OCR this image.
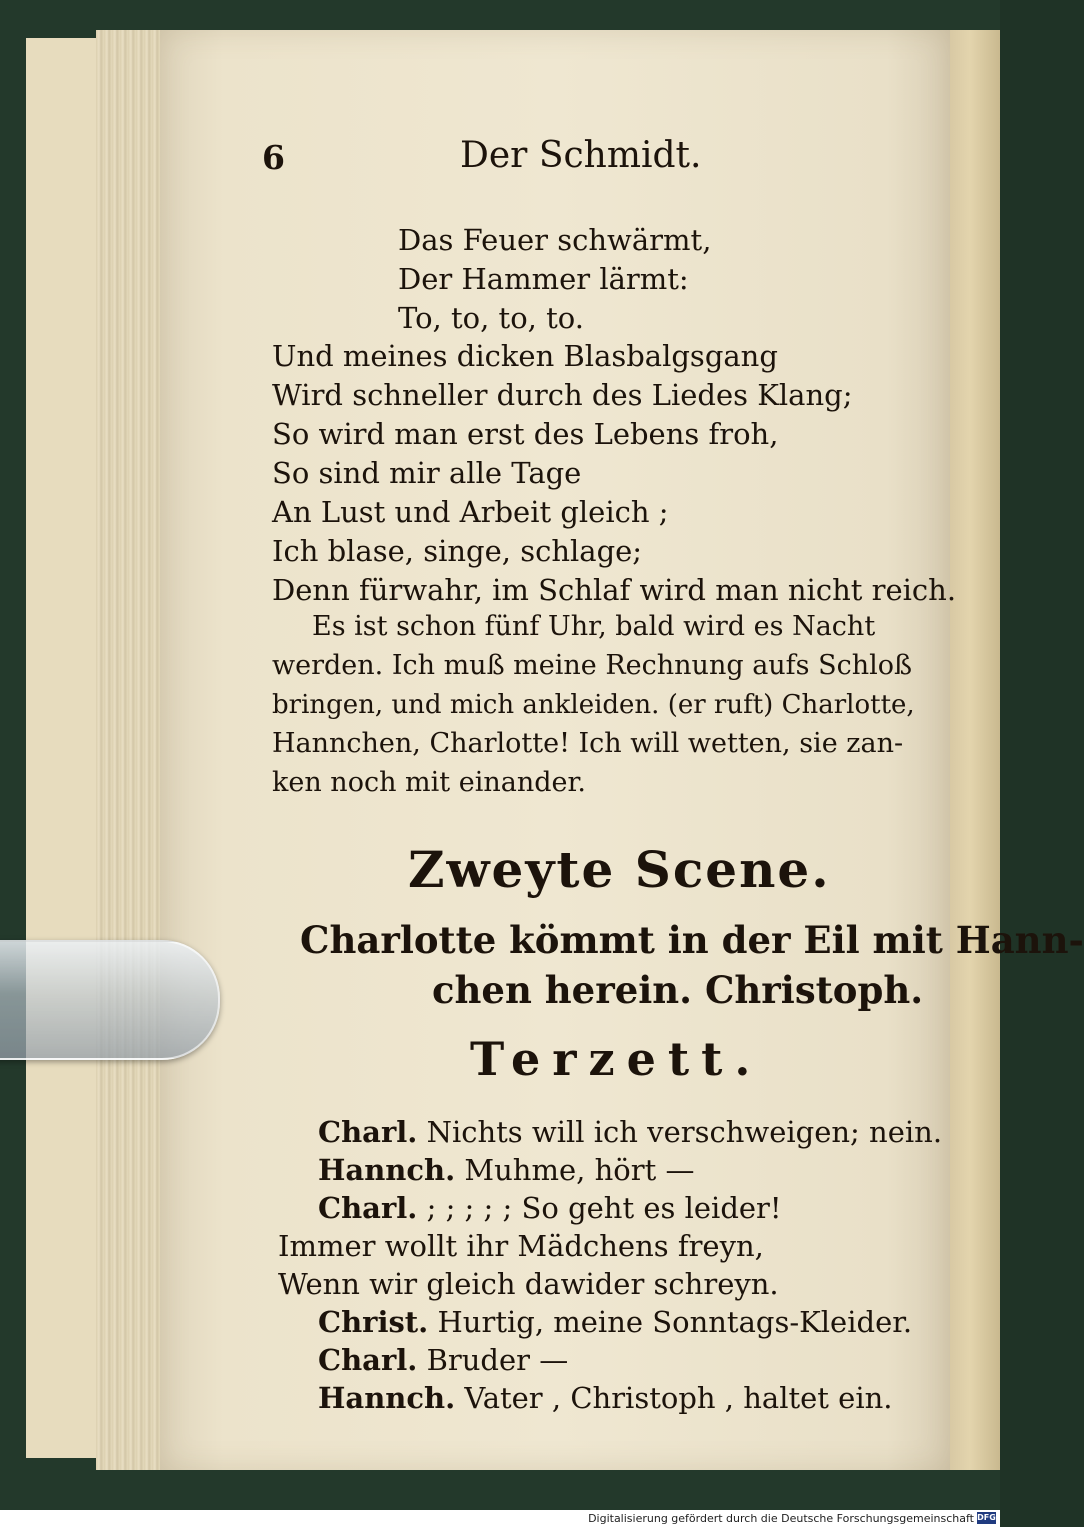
6	Der Schmidt.
Das Feuer schwärmt,
Der Hammer lärmt:
To, to, to, to.
Und meines dicken Blasbalgsgang
Wird schneller durch des Liedes Klang;
So wird man erst des Lebens froh,
So sind mir alle Tage
An Lust und Arbeit gleich ;
Ich blase, singe, schlage;
Denn fürwahr, im Schlaf wird man nicht reich.
Es ist schon fünf Uhr, bald wird es Nacht
werden. Ich muß meine Rechnung aufs Schloß
bringen, und mich ankleiden. (er ruft) Charlotte,
Hannchen, Charlotte! Ich will wetten, sie zan-
ken noch mit einander.
Zweyte Scene.
Charlotte kömmt in der Eil mit Hann-
chen herein. Christoph.
Terzett.
Charl. Nichts will ich verschweigen; nein.
Hannch. Muhme, hört —
Charl. ; ; ; ; ; So geht es leider!
Immer wollt ihr Mädchens freyn,
Wenn wir gleich dawider schreyn.
Christ. Hurtig, meine Sonntags-Kleider.
Charl. Bruder —
Hannch. Vater , Christoph , haltet ein.
Digitalisierung gefördert durch die Deutsche Forschungsgemeinschaft DFG
